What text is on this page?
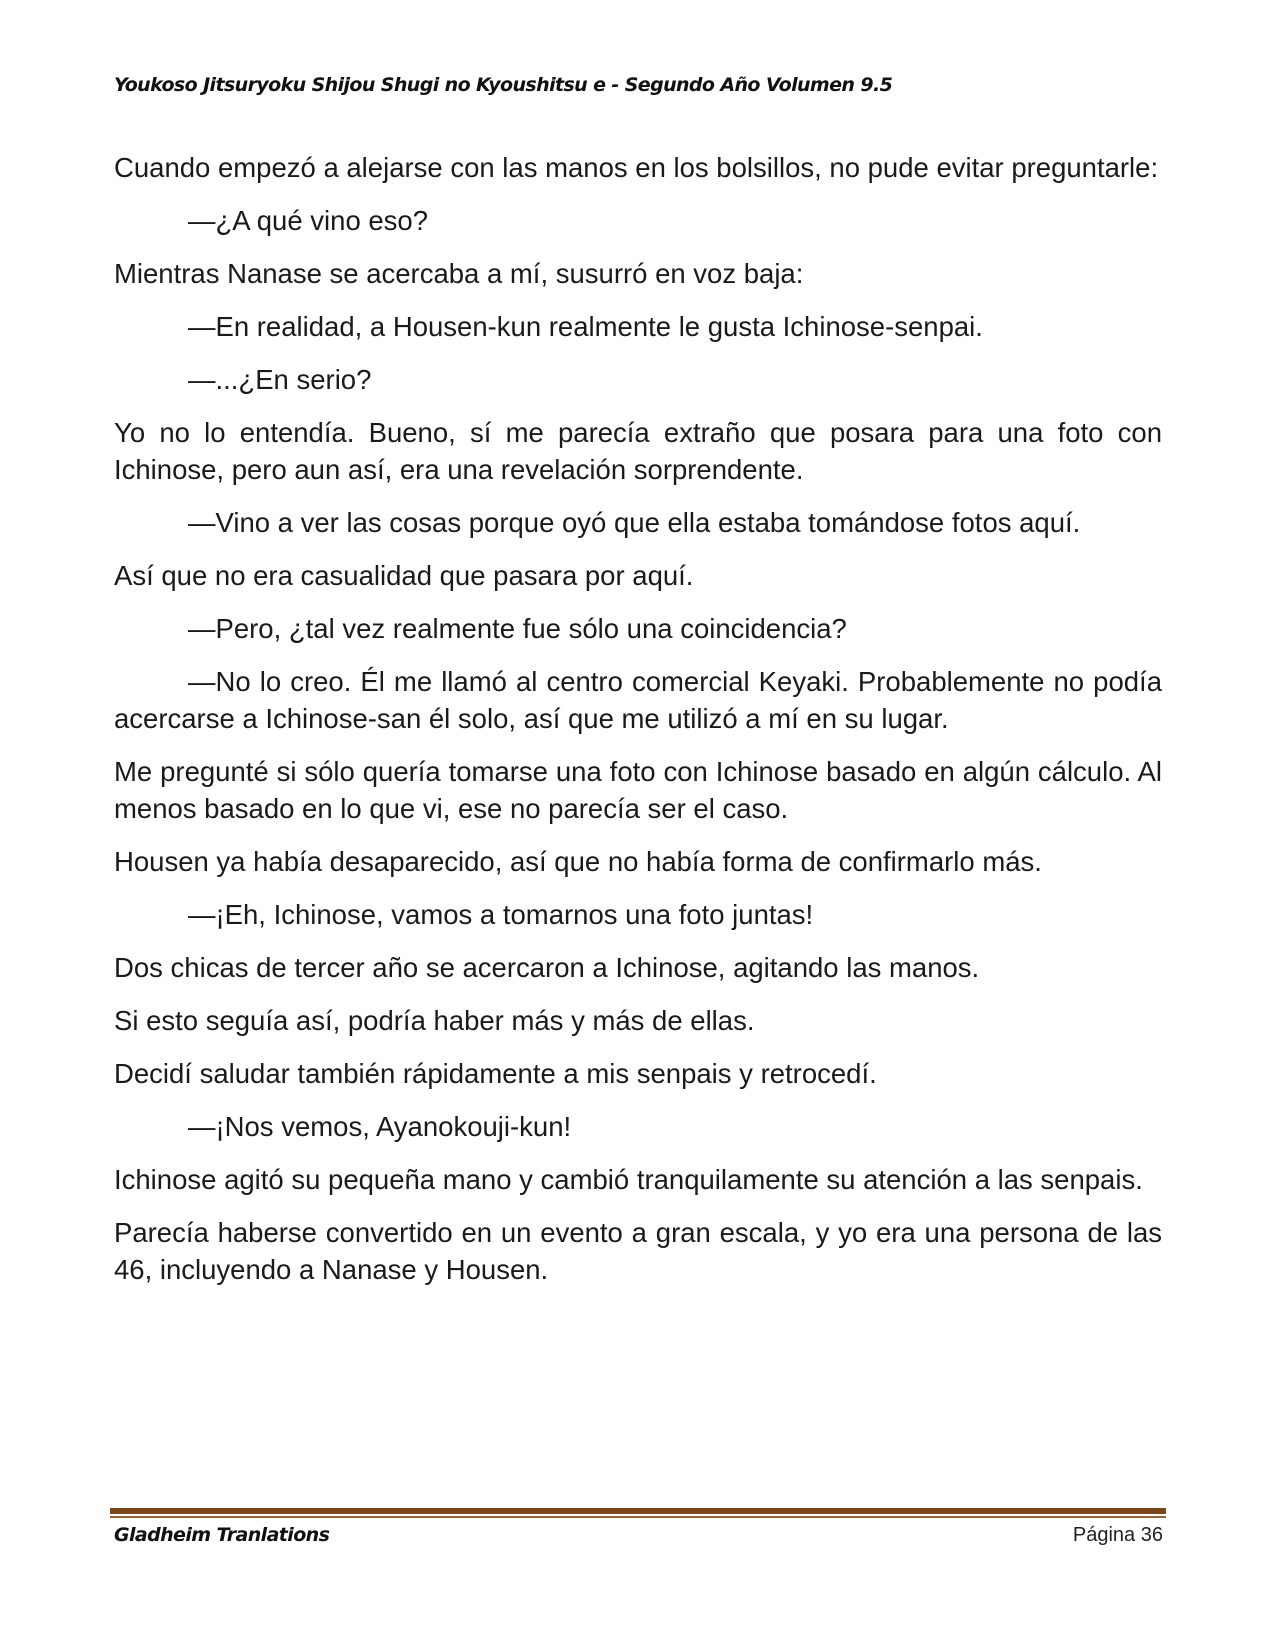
Youkoso Jitsuryoku Shijou Shugi no Kyoushitsu e - Segundo Año Volumen 9.5

Cuando empezó a alejarse con las manos en los bolsillos, no pude evitar preguntarle:

—¿A qué vino eso?

Mientras Nanase se acercaba a mí, susurró en voz baja:

—En realidad, a Housen-kun realmente le gusta Ichinose-senpai.

—...¿En serio?

Yo no lo entendía. Bueno, sí me parecía extraño que posara para una foto con Ichinose, pero aun así, era una revelación sorprendente.

—Vino a ver las cosas porque oyó que ella estaba tomándose fotos aquí.

Así que no era casualidad que pasara por aquí.

—Pero, ¿tal vez realmente fue sólo una coincidencia?

—No lo creo. Él me llamó al centro comercial Keyaki. Probablemente no podía acercarse a Ichinose-san él solo, así que me utilizó a mí en su lugar.

Me pregunté si sólo quería tomarse una foto con Ichinose basado en algún cálculo. Al menos basado en lo que vi, ese no parecía ser el caso.

Housen ya había desaparecido, así que no había forma de confirmarlo más.

—¡Eh, Ichinose, vamos a tomarnos una foto juntas!

Dos chicas de tercer año se acercaron a Ichinose, agitando las manos.

Si esto seguía así, podría haber más y más de ellas.

Decidí saludar también rápidamente a mis senpais y retrocedí.

—¡Nos vemos, Ayanokouji-kun!

Ichinose agitó su pequeña mano y cambió tranquilamente su atención a las senpais.

Parecía haberse convertido en un evento a gran escala, y yo era una persona de las 46, incluyendo a Nanase y Housen.

Gladheim Tranlations	Página 36
